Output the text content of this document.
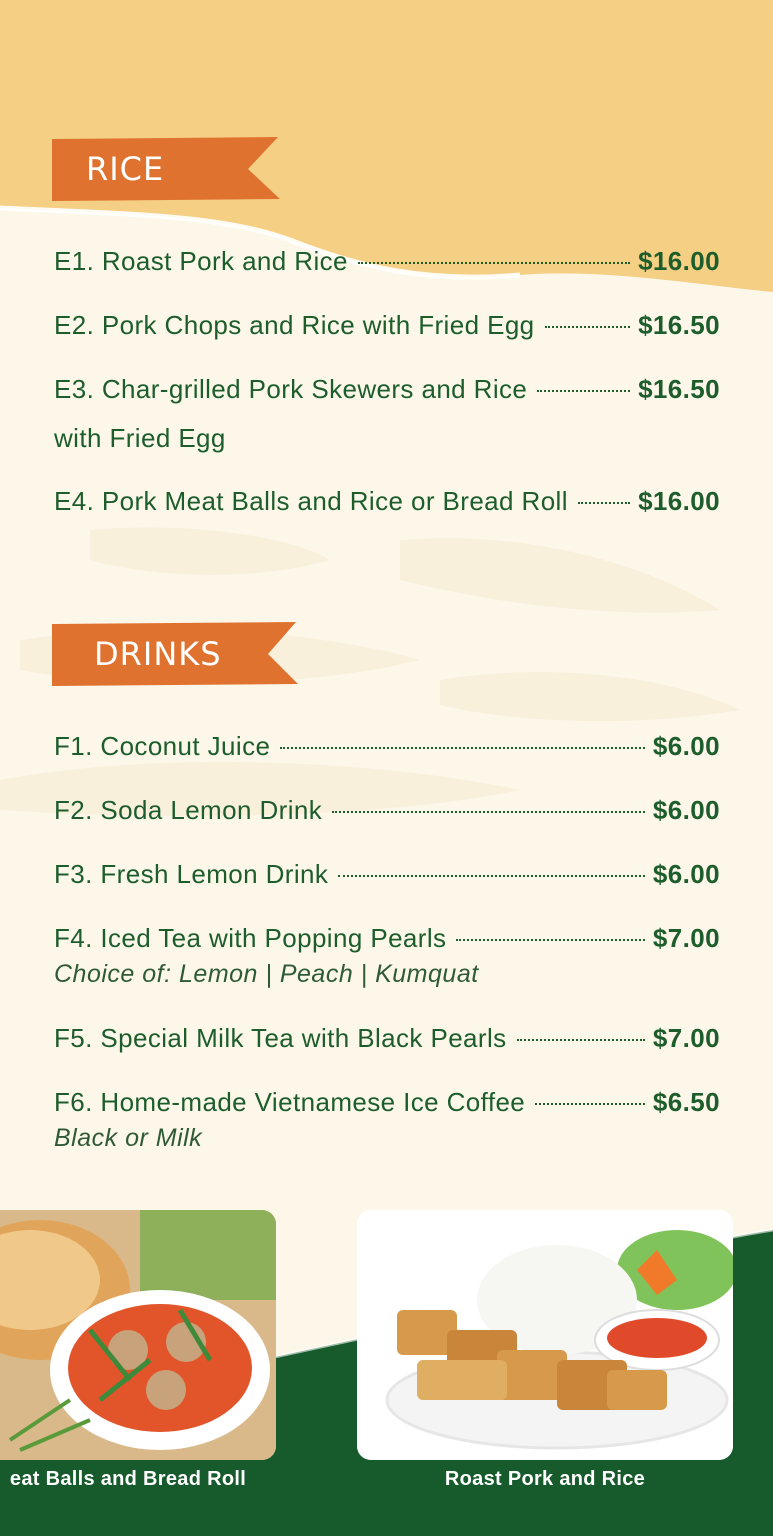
RICE
E1. Roast Pork and Rice	$16.00
E2. Pork Chops and Rice with Fried Egg	$16.50
E3. Char-grilled Pork Skewers and Rice	$16.50
with Fried Egg
E4. Pork Meat Balls and Rice or Bread Roll	$16.00
DRINKS
F1. Coconut Juice	$6.00
F2. Soda Lemon Drink	$6.00
F3. Fresh Lemon Drink	$6.00
F4. Iced Tea with Popping Pearls	$7.00
Choice of: Lemon | Peach | Kumquat
F5. Special Milk Tea with Black Pearls	$7.00
F6. Home-made Vietnamese Ice Coffee	$6.50
Black or Milk
eat Balls and Bread Roll	Roast Pork and Rice
